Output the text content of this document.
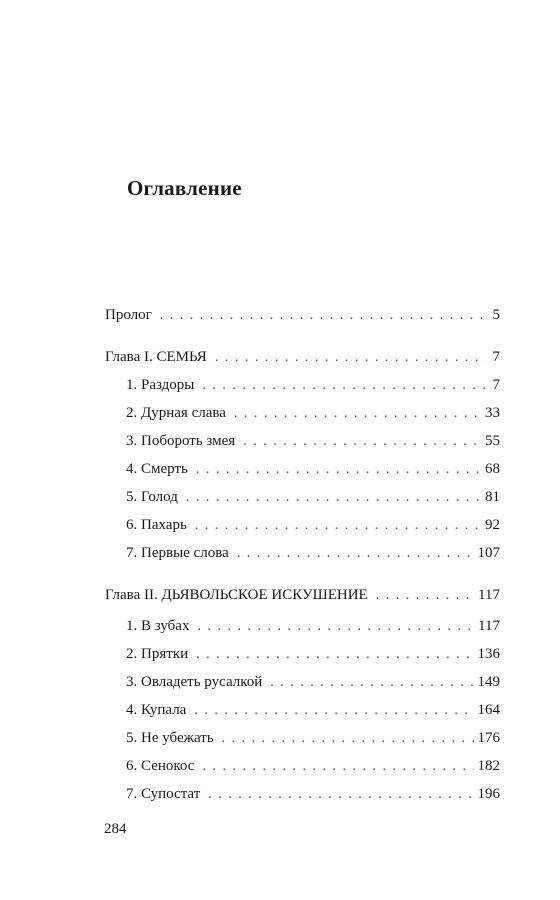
Оглавление
Пролог . . .	5
Глава I. СЕМЬЯ . . .	7
1. Раздоры . . .	7
2. Дурная слава . . .	33
3. Побороть змея . . .	55
4. Смерть . . .	68
5. Голод . . .	81
6. Пахарь . . .	92
7. Первые слова . . .	107
Глава II. ДЬЯВОЛЬСКОЕ ИСКУШЕНИЕ . . .	117
1. В зубах . . .	117
2. Прятки . . .	136
3. Овладеть русалкой . . .	149
4. Купала . . .	164
5. Не убежать . . .	176
6. Сенокос . . .	182
7. Супостат . . .	196
284
